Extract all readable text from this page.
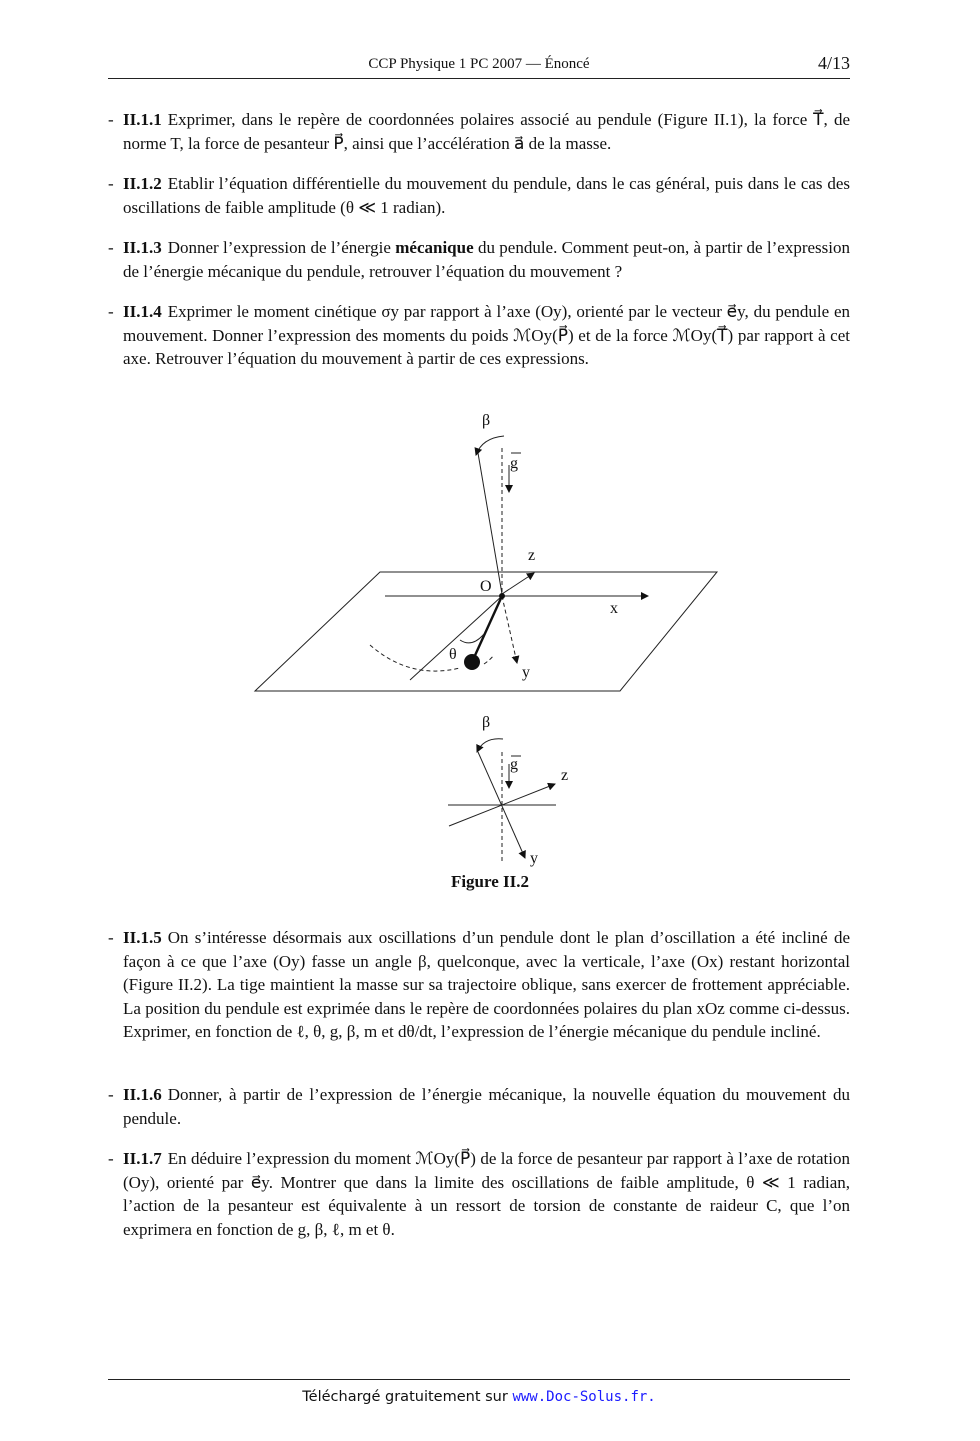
CCP Physique 1 PC 2007 — Énoncé	4/13
- II.1.1 Exprimer, dans le repère de coordonnées polaires associé au pendule (Figure II.1), la force T⃗, de norme T, la force de pesanteur P⃗, ainsi que l’accélération a⃗ de la masse.
- II.1.2 Etablir l’équation différentielle du mouvement du pendule, dans le cas général, puis dans le cas des oscillations de faible amplitude (θ ≪ 1 radian).
- II.1.3 Donner l’expression de l’énergie mécanique du pendule. Comment peut-on, à partir de l’expression de l’énergie mécanique du pendule, retrouver l’équation du mouvement ?
- II.1.4 Exprimer le moment cinétique σy par rapport à l’axe (Oy), orienté par le vecteur e⃗y, du pendule en mouvement. Donner l’expression des moments du poids ℳOy(P⃗) et de la force ℳOy(T⃗) par rapport à cet axe. Retrouver l’équation du mouvement à partir de ces expressions.
β
g
z
O
x
θ
y
β
g
z
y
Figure II.2
- II.1.5 On s’intéresse désormais aux oscillations d’un pendule dont le plan d’oscillation a été incliné de façon à ce que l’axe (Oy) fasse un angle β, quelconque, avec la verticale, l’axe (Ox) restant horizontal (Figure II.2). La tige maintient la masse sur sa trajectoire oblique, sans exercer de frottement appréciable. La position du pendule est exprimée dans le repère de coordonnées polaires du plan xOz comme ci-dessus. Exprimer, en fonction de ℓ, θ, g, β, m et dθ/dt, l’expression de l’énergie mécanique du pendule incliné.
- II.1.6 Donner, à partir de l’expression de l’énergie mécanique, la nouvelle équation du mouvement du pendule.
- II.1.7 En déduire l’expression du moment ℳOy(P⃗) de la force de pesanteur par rapport à l’axe de rotation (Oy), orienté par e⃗y. Montrer que dans la limite des oscillations de faible amplitude, θ ≪ 1 radian, l’action de la pesanteur est équivalente à un ressort de torsion de constante de raideur C, que l’on exprimera en fonction de g, β, ℓ, m et θ.
Téléchargé gratuitement sur www.Doc-Solus.fr.
